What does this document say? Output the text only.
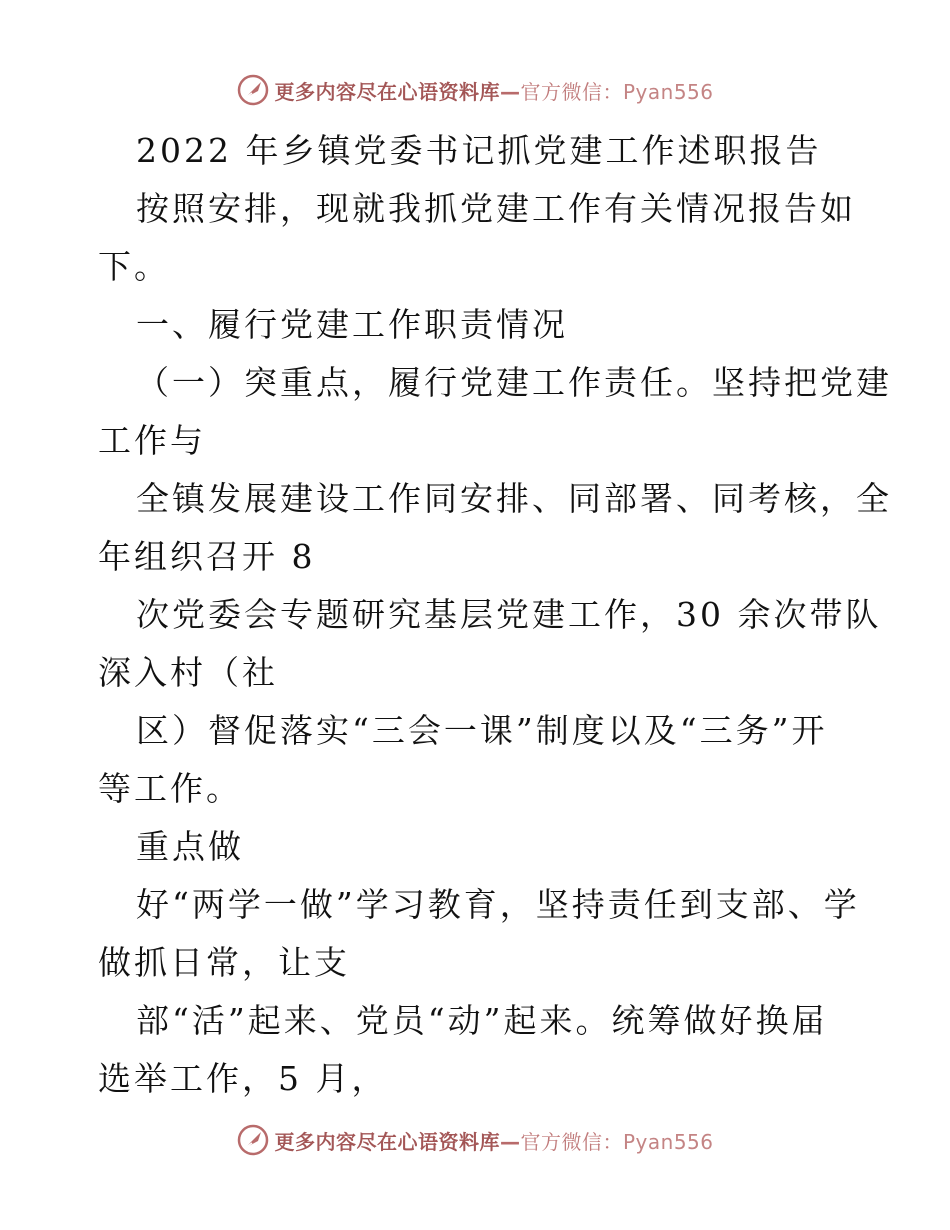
更多内容尽在心语资料库—官方微信：Pyan556
2022 年乡镇党委书记抓党建工作述职报告
按照安排，现就我抓党建工作有关情况报告如
下。
一、履行党建工作职责情况
（一）突重点，履行党建工作责任。坚持把党建
工作与
全镇发展建设工作同安排、同部署、同考核，全
年组织召开 8
次党委会专题研究基层党建工作，30 余次带队
深入村（社
区）督促落实“三会一课”制度以及“三务”开
等工作。
重点做
好“两学一做”学习教育，坚持责任到支部、学
做抓日常，让支
部“活”起来、党员“动”起来。统筹做好换届
选举工作，5 月，
更多内容尽在心语资料库—官方微信：Pyan556
